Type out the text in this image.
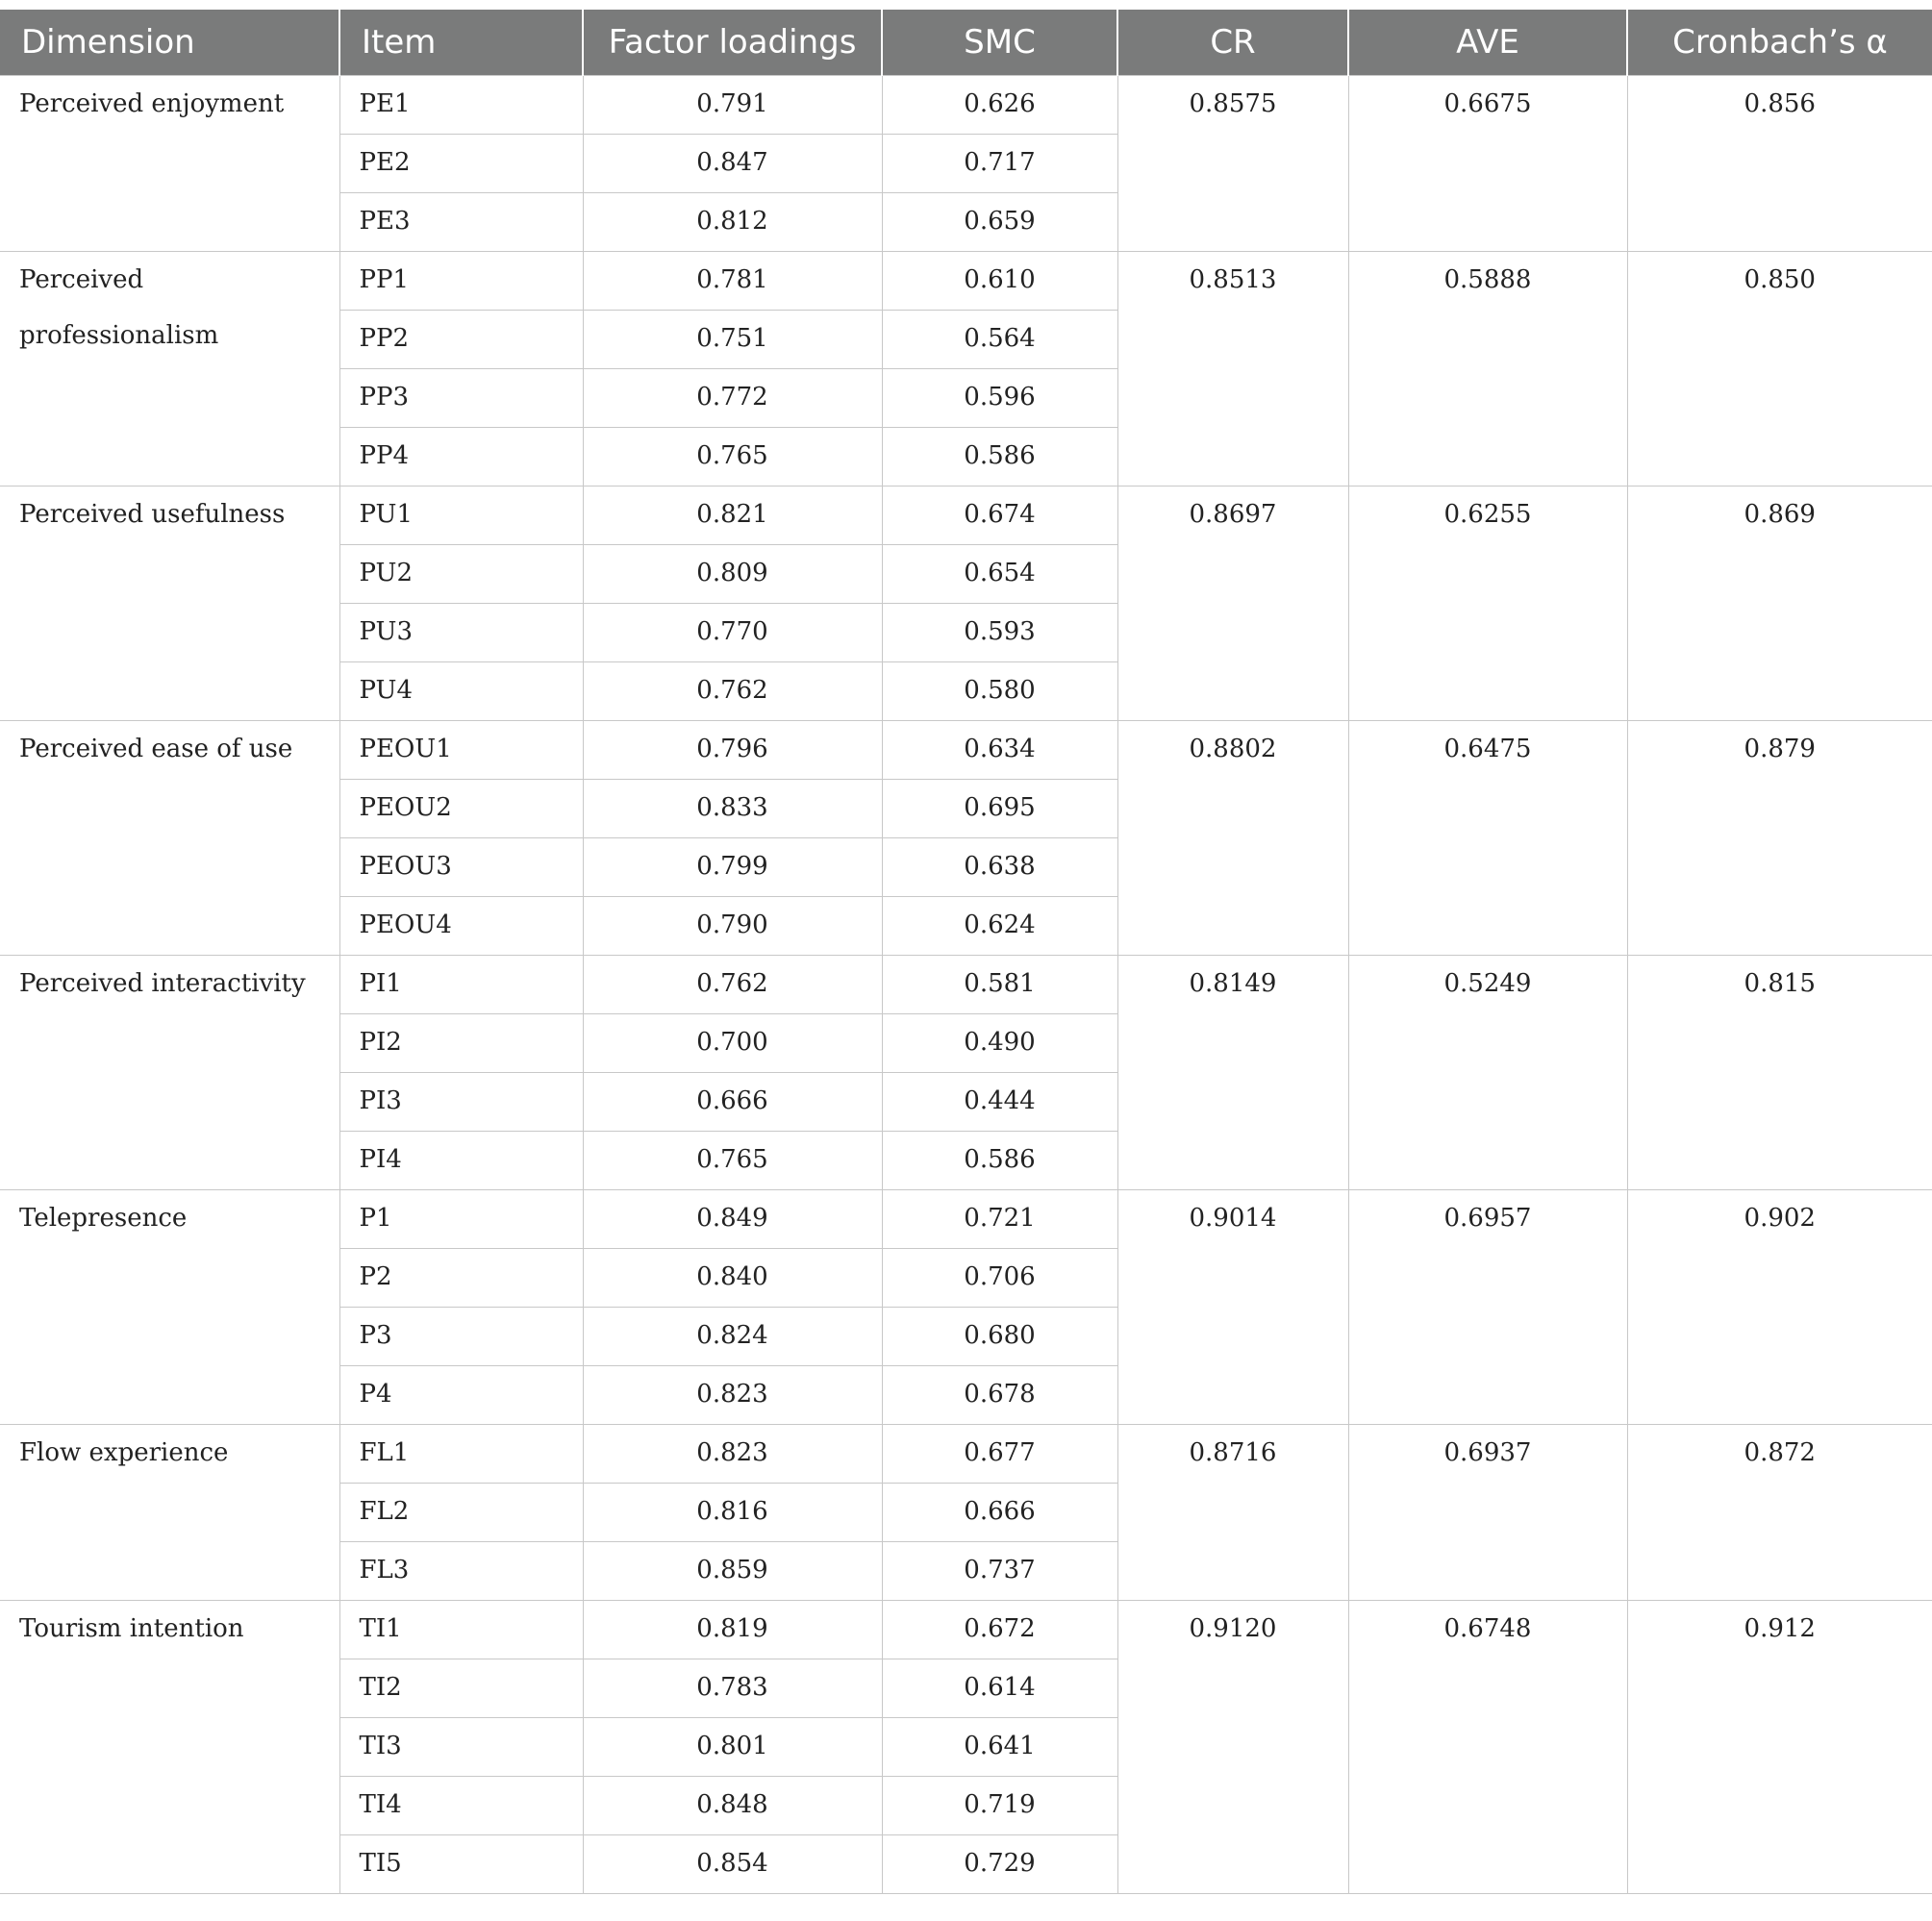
Dimension	Item	Factor loadings	SMC	CR	AVE	Cronbach’s α
Perceived enjoyment	PE1	0.791	0.626	0.8575	0.6675	0.856
	PE2	0.847	0.717			
	PE3	0.812	0.659			
Perceived professionalism	PP1	0.781	0.610	0.8513	0.5888	0.850
	PP2	0.751	0.564			
	PP3	0.772	0.596			
	PP4	0.765	0.586			
Perceived usefulness	PU1	0.821	0.674	0.8697	0.6255	0.869
	PU2	0.809	0.654			
	PU3	0.770	0.593			
	PU4	0.762	0.580			
Perceived ease of use	PEOU1	0.796	0.634	0.8802	0.6475	0.879
	PEOU2	0.833	0.695			
	PEOU3	0.799	0.638			
	PEOU4	0.790	0.624			
Perceived interactivity	PI1	0.762	0.581	0.8149	0.5249	0.815
	PI2	0.700	0.490			
	PI3	0.666	0.444			
	PI4	0.765	0.586			
Telepresence	P1	0.849	0.721	0.9014	0.6957	0.902
	P2	0.840	0.706			
	P3	0.824	0.680			
	P4	0.823	0.678			
Flow experience	FL1	0.823	0.677	0.8716	0.6937	0.872
	FL2	0.816	0.666			
	FL3	0.859	0.737			
Tourism intention	TI1	0.819	0.672	0.9120	0.6748	0.912
	TI2	0.783	0.614			
	TI3	0.801	0.641			
	TI4	0.848	0.719			
	TI5	0.854	0.729			
